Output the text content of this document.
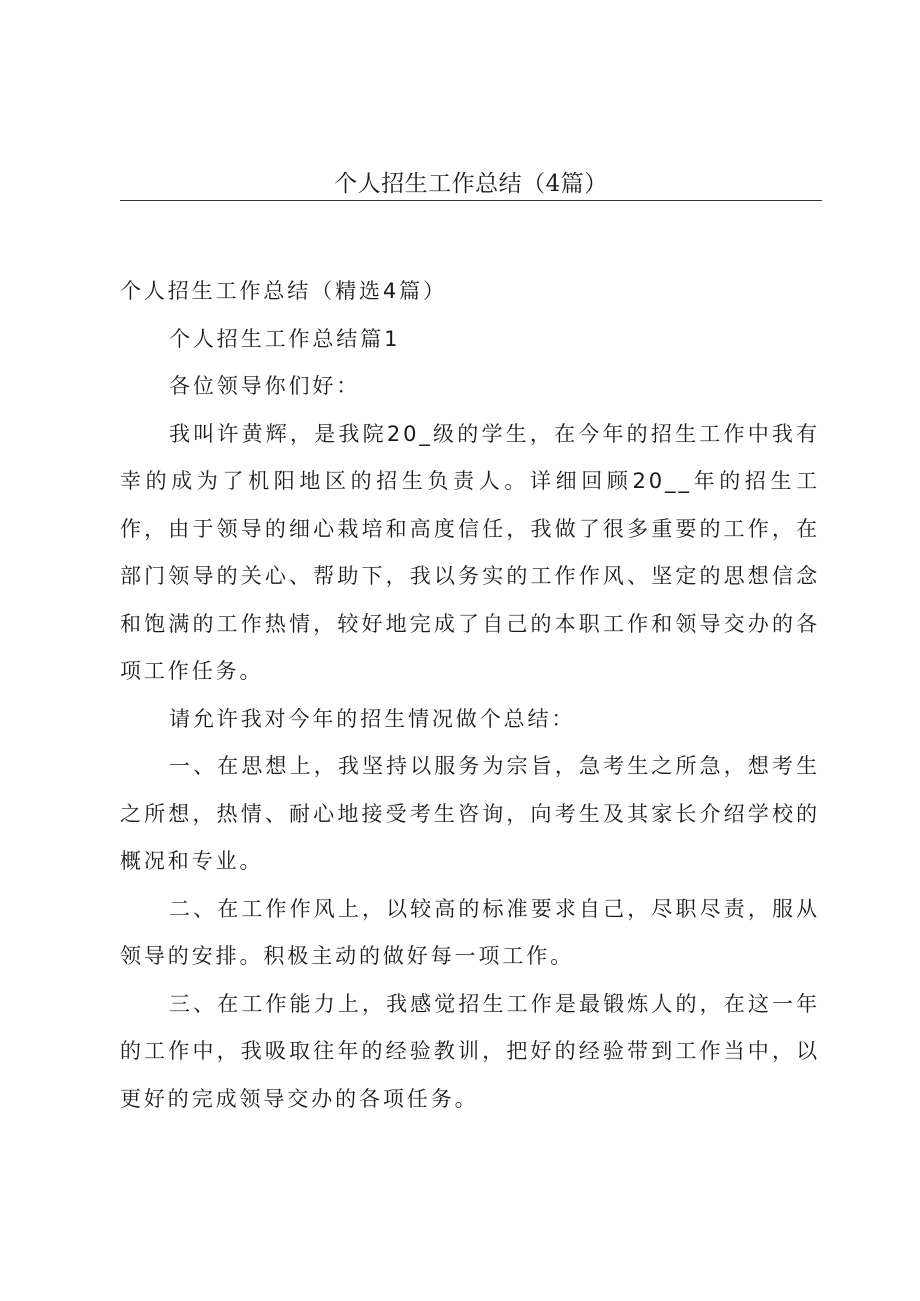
个人招生工作总结（4篇）

个人招生工作总结（精选4篇）

个人招生工作总结篇1

各位领导你们好：

我叫许黄辉，是我院20_级的学生，在今年的招生工作中我有幸的成为了机阳地区的招生负责人。详细回顾20__年的招生工作，由于领导的细心栽培和高度信任，我做了很多重要的工作，在部门领导的关心、帮助下，我以务实的工作作风、坚定的思想信念和饱满的工作热情，较好地完成了自己的本职工作和领导交办的各项工作任务。

请允许我对今年的招生情况做个总结：

一、在思想上，我坚持以服务为宗旨，急考生之所急，想考生之所想，热情、耐心地接受考生咨询，向考生及其家长介绍学校的概况和专业。

二、在工作作风上，以较高的标准要求自己，尽职尽责，服从领导的安排。积极主动的做好每一项工作。

三、在工作能力上，我感觉招生工作是最锻炼人的，在这一年的工作中，我吸取往年的经验教训，把好的经验带到工作当中，以更好的完成领导交办的各项任务。
